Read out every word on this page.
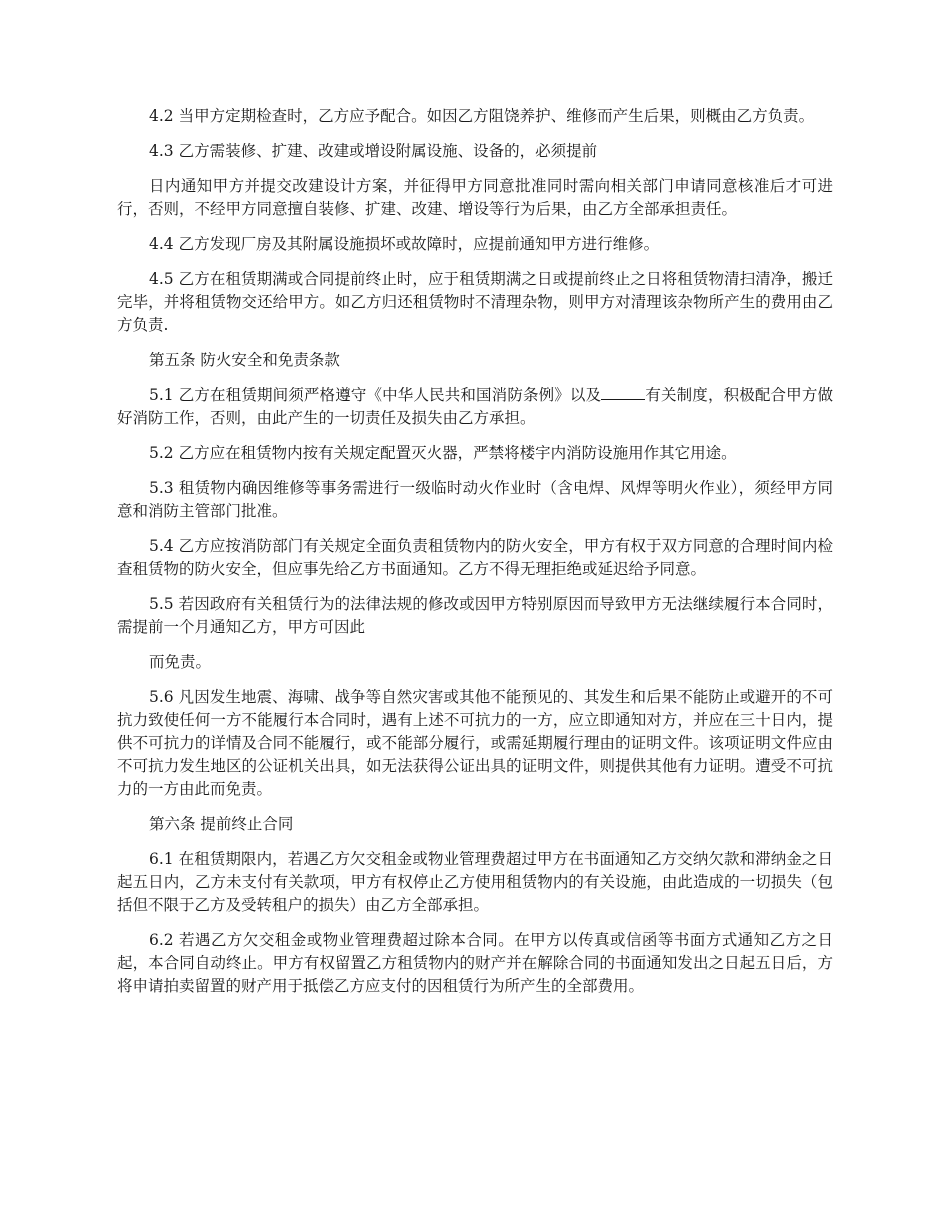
4.2 当甲方定期检查时，乙方应予配合。如因乙方阻饶养护、维修而产生后果，则概由乙方负责。

4.3 乙方需装修、扩建、改建或增设附属设施、设备的，必须提前

日内通知甲方并提交改建设计方案，并征得甲方同意批准同时需向相关部门申请同意核准后才可进行，否则，不经甲方同意擅自装修、扩建、改建、增设等行为后果，由乙方全部承担责任。

4.4 乙方发现厂房及其附属设施损坏或故障时，应提前通知甲方进行维修。

4.5 乙方在租赁期满或合同提前终止时，应于租赁期满之日或提前终止之日将租赁物清扫清净，搬迁完毕，并将租赁物交还给甲方。如乙方归还租赁物时不清理杂物，则甲方对清理该杂物所产生的费用由乙方负责.

第五条 防火安全和免责条款

5.1 乙方在租赁期间须严格遵守《中华人民共和国消防条例》以及	有关制度，积极配合甲方做好消防工作，否则，由此产生的一切责任及损失由乙方承担。

5.2 乙方应在租赁物内按有关规定配置灭火器，严禁将楼宇内消防设施用作其它用途。

5.3 租赁物内确因维修等事务需进行一级临时动火作业时（含电焊、风焊等明火作业），须经甲方同意和消防主管部门批准。

5.4 乙方应按消防部门有关规定全面负责租赁物内的防火安全，甲方有权于双方同意的合理时间内检查租赁物的防火安全，但应事先给乙方书面通知。乙方不得无理拒绝或延迟给予同意。

5.5 若因政府有关租赁行为的法律法规的修改或因甲方特别原因而导致甲方无法继续履行本合同时，需提前一个月通知乙方，甲方可因此

而免责。

5.6 凡因发生地震、海啸、战争等自然灾害或其他不能预见的、其发生和后果不能防止或避开的不可抗力致使任何一方不能履行本合同时，遇有上述不可抗力的一方，应立即通知对方，并应在三十日内，提供不可抗力的详情及合同不能履行，或不能部分履行，或需延期履行理由的证明文件。该项证明文件应由不可抗力发生地区的公证机关出具，如无法获得公证出具的证明文件，则提供其他有力证明。遭受不可抗力的一方由此而免责。

第六条 提前终止合同

6.1 在租赁期限内，若遇乙方欠交租金或物业管理费超过甲方在书面通知乙方交纳欠款和滞纳金之日起五日内，乙方未支付有关款项，甲方有权停止乙方使用租赁物内的有关设施，由此造成的一切损失（包括但不限于乙方及受转租户的损失）由乙方全部承担。

6.2 若遇乙方欠交租金或物业管理费超过除本合同。在甲方以传真或信函等书面方式通知乙方之日起，本合同自动终止。甲方有权留置乙方租赁物内的财产并在解除合同的书面通知发出之日起五日后，方将申请拍卖留置的财产用于抵偿乙方应支付的因租赁行为所产生的全部费用。
